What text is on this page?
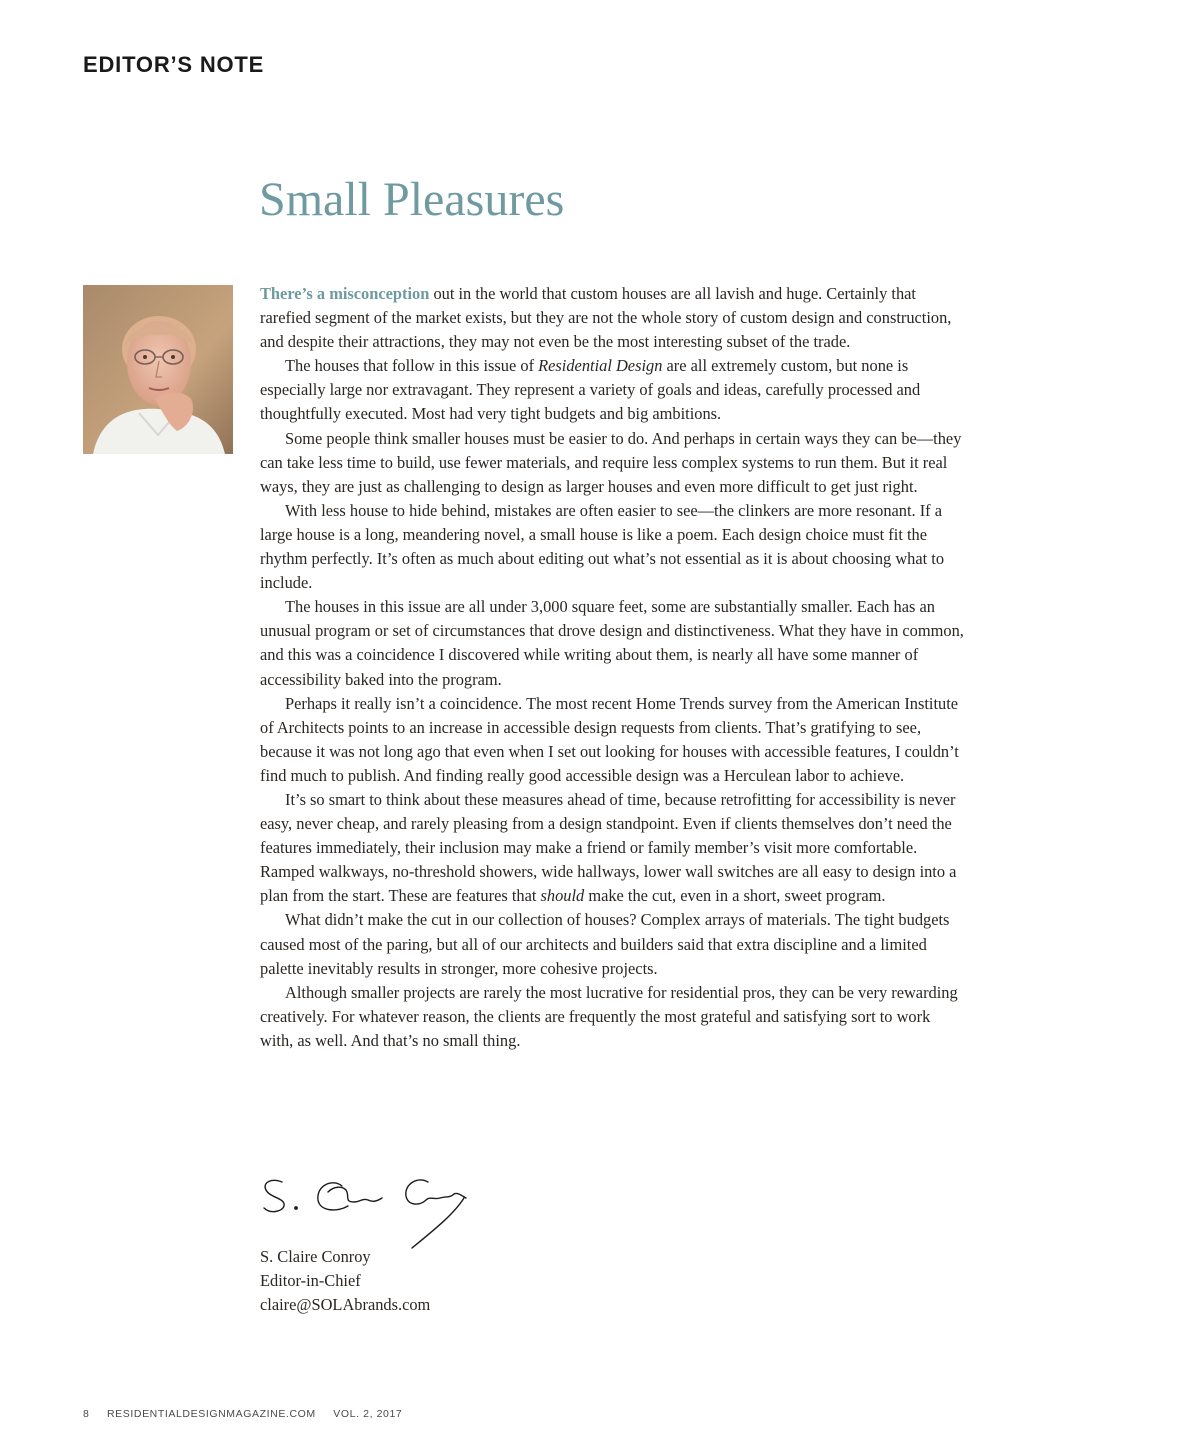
EDITOR’S NOTE
Small Pleasures

There’s a misconception out in the world that custom houses are all lavish and huge. Certainly that rarefied segment of the market exists, but they are not the whole story of custom design and construction, and despite their attractions, they may not even be the most interesting subset of the trade.

The houses that follow in this issue of Residential Design are all extremely custom, but none is especially large nor extravagant. They represent a variety of goals and ideas, carefully processed and thoughtfully executed. Most had very tight budgets and big ambitions.

Some people think smaller houses must be easier to do. And perhaps in certain ways they can be—they can take less time to build, use fewer materials, and require less complex systems to run them. But it real ways, they are just as challenging to design as larger houses and even more difficult to get just right.

With less house to hide behind, mistakes are often easier to see—the clinkers are more resonant. If a large house is a long, meandering novel, a small house is like a poem. Each design choice must fit the rhythm perfectly. It’s often as much about editing out what’s not essential as it is about choosing what to include.

The houses in this issue are all under 3,000 square feet, some are substantially smaller. Each has an unusual program or set of circumstances that drove design and distinctiveness. What they have in common, and this was a coincidence I discovered while writing about them, is nearly all have some manner of accessibility baked into the program.

Perhaps it really isn’t a coincidence. The most recent Home Trends survey from the American Institute of Architects points to an increase in accessible design requests from clients. That’s gratifying to see, because it was not long ago that even when I set out looking for houses with accessible features, I couldn’t find much to publish. And finding really good accessible design was a Herculean labor to achieve.

It’s so smart to think about these measures ahead of time, because retrofitting for accessibility is never easy, never cheap, and rarely pleasing from a design standpoint. Even if clients themselves don’t need the features immediately, their inclusion may make a friend or family member’s visit more comfortable. Ramped walkways, no-threshold showers, wide hallways, lower wall switches are all easy to design into a plan from the start. These are features that should make the cut, even in a short, sweet program.

What didn’t make the cut in our collection of houses? Complex arrays of materials. The tight budgets caused most of the paring, but all of our architects and builders said that extra discipline and a limited palette inevitably results in stronger, more cohesive projects.

Although smaller projects are rarely the most lucrative for residential pros, they can be very rewarding creatively. For whatever reason, the clients are frequently the most grateful and satisfying sort to work with, as well. And that’s no small thing.

S. Claire Conroy
Editor-in-Chief
claire@SOLAbrands.com
8 RESIDENTIALDESIGNMAGAZINE.COM VOL. 2, 2017
